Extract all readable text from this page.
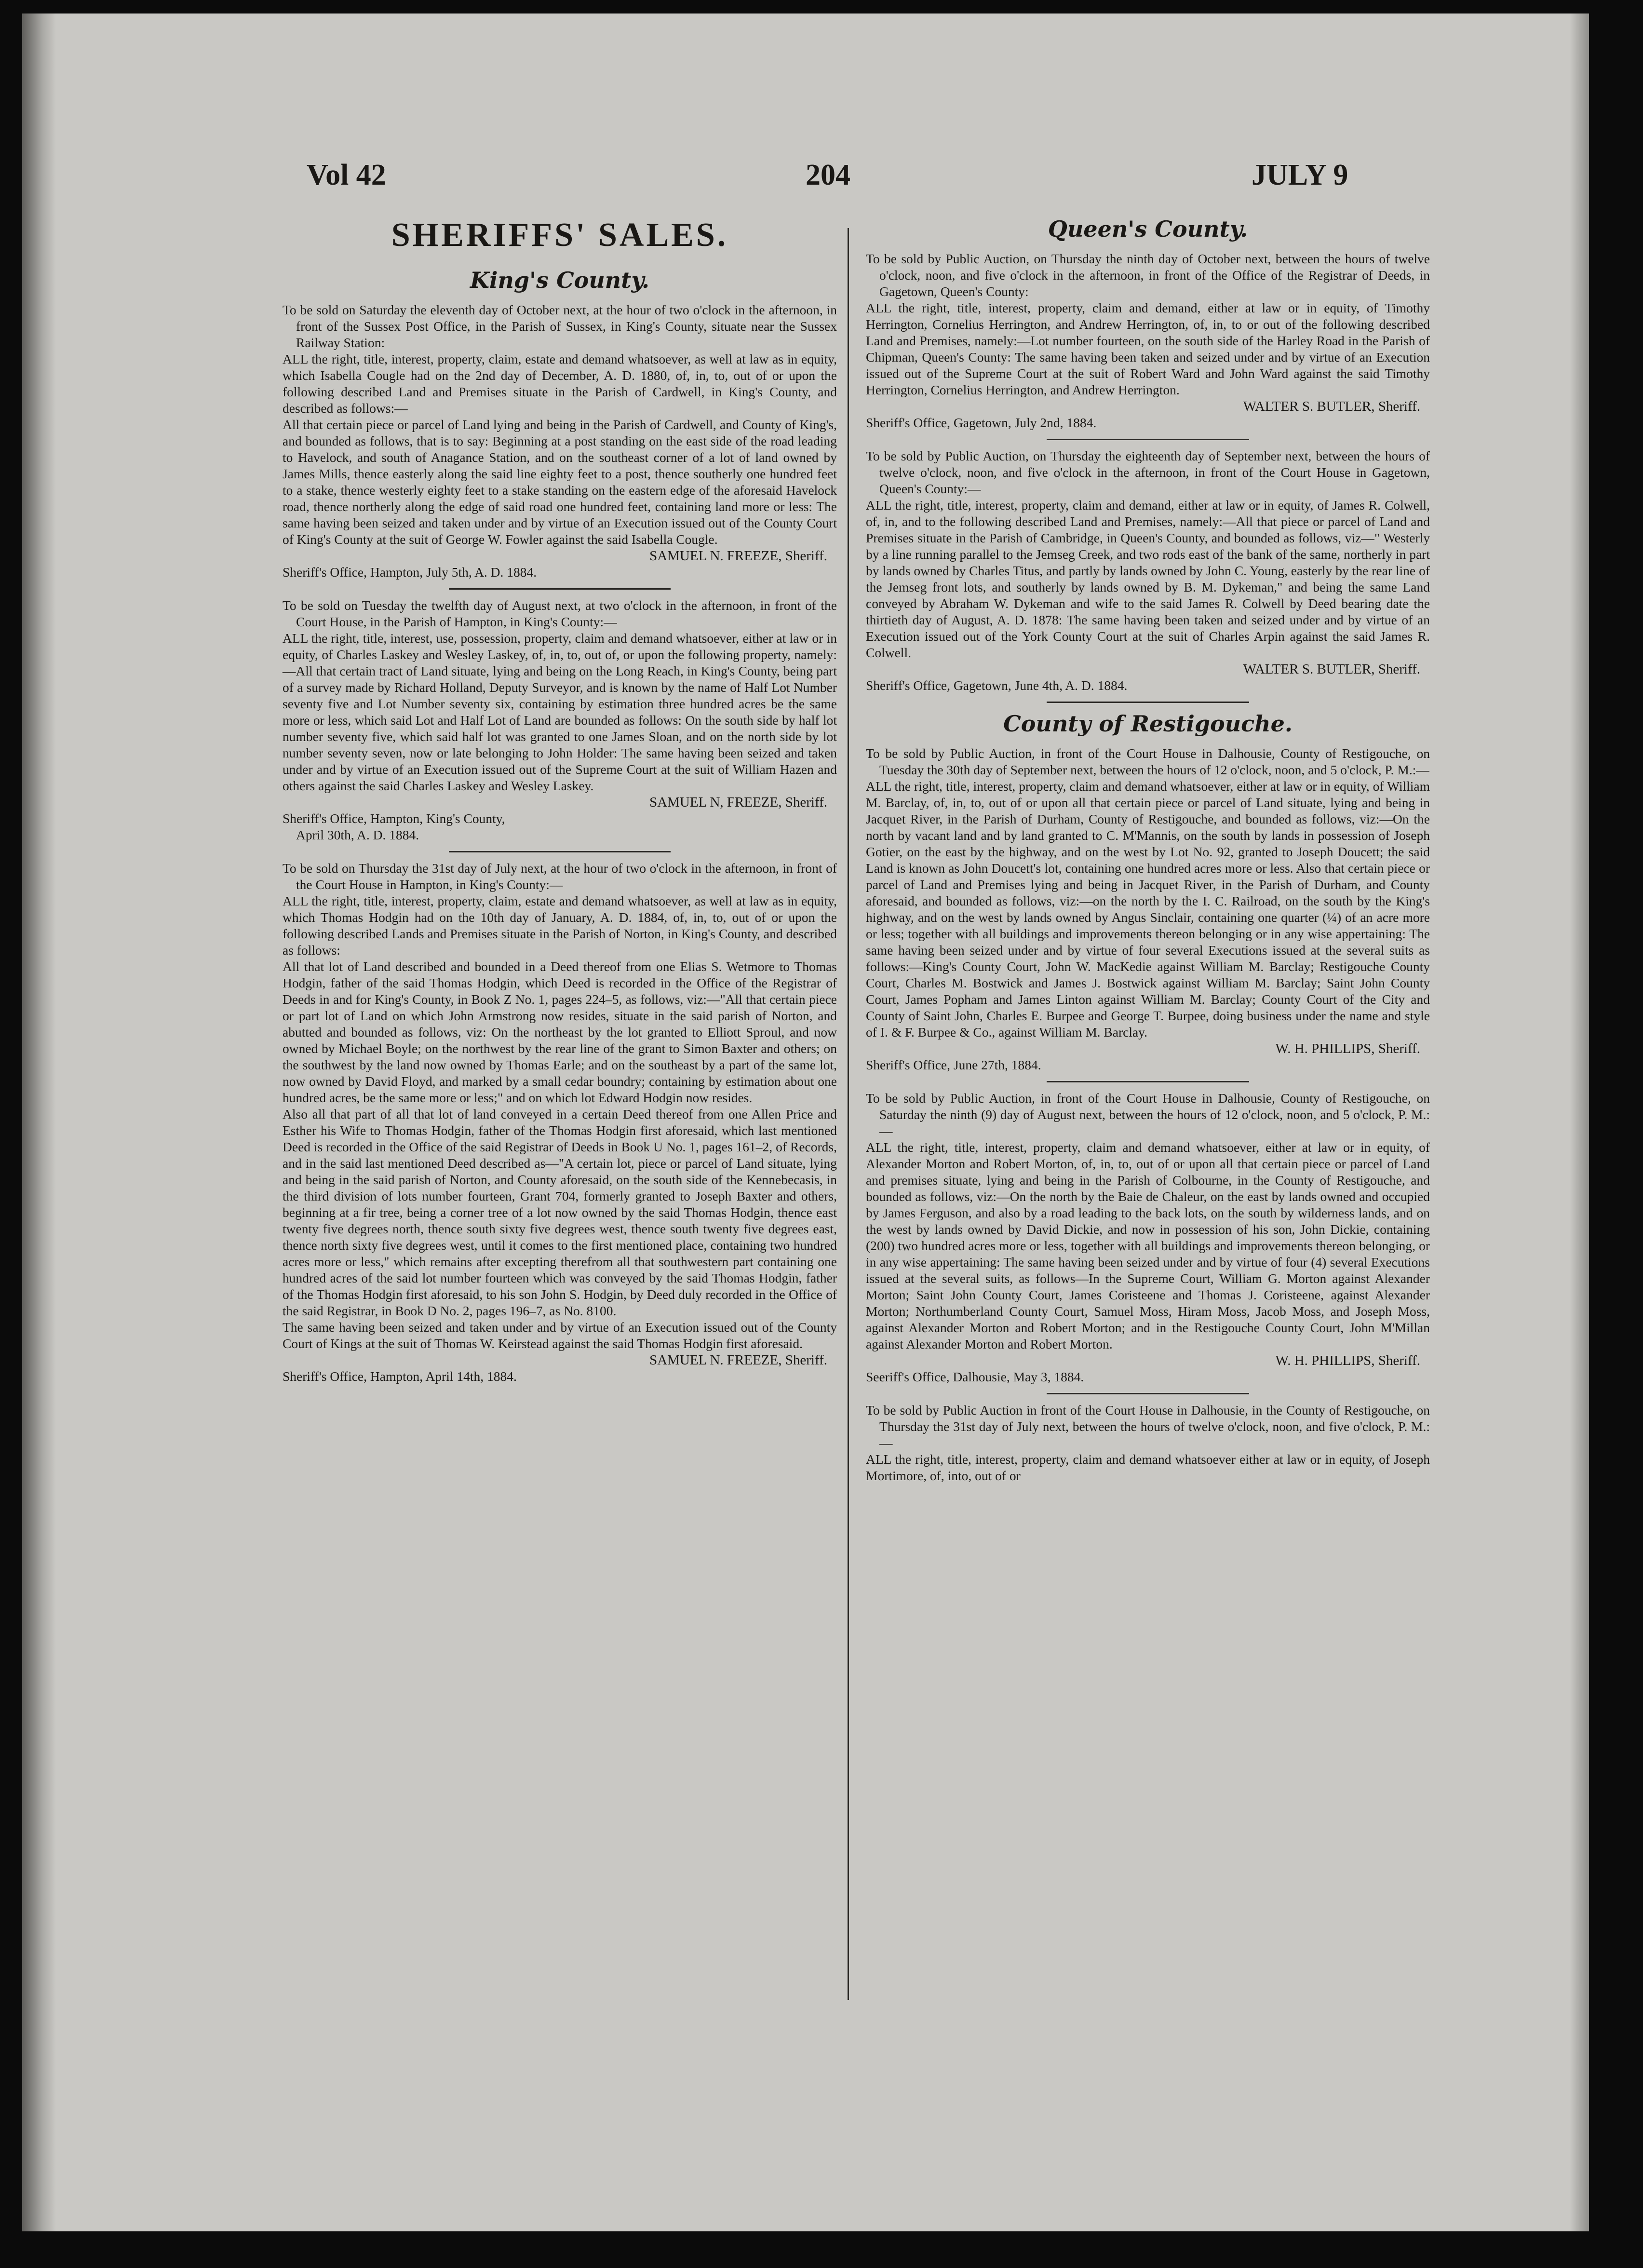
Vol 42	204	JULY 9
SHERIFFS' SALES.
King's County.

To be sold on Saturday the eleventh day of October next, at the hour of two o'clock in the afternoon, in front of the Sussex Post Office, in the Parish of Sussex, in King's County, situate near the Sussex Railway Station:

ALL the right, title, interest, property, claim, estate and demand whatsoever, as well at law as in equity, which Isabella Cougle had on the 2nd day of December, A. D. 1880, of, in, to, out of or upon the following described Land and Premises situate in the Parish of Cardwell, in King's County, and described as follows:—

All that certain piece or parcel of Land lying and being in the Parish of Cardwell, and County of King's, and bounded as follows, that is to say: Beginning at a post standing on the east side of the road leading to Havelock, and south of Anagance Station, and on the southeast corner of a lot of land owned by James Mills, thence easterly along the said line eighty feet to a post, thence southerly one hundred feet to a stake, thence westerly eighty feet to a stake standing on the eastern edge of the aforesaid Havelock road, thence northerly along the edge of said road one hundred feet, containing land more or less: The same having been seized and taken under and by virtue of an Execution issued out of the County Court of King's County at the suit of George W. Fowler against the said Isabella Cougle.

SAMUEL N. FREEZE, Sheriff.

Sheriff's Office, Hampton, July 5th, A. D. 1884.

To be sold on Tuesday the twelfth day of August next, at two o'clock in the afternoon, in front of the Court House, in the Parish of Hampton, in King's County:—

ALL the right, title, interest, use, possession, property, claim and demand whatsoever, either at law or in equity, of Charles Laskey and Wesley Laskey, of, in, to, out of, or upon the following property, namely:—All that certain tract of Land situate, lying and being on the Long Reach, in King's County, being part of a survey made by Richard Holland, Deputy Surveyor, and is known by the name of Half Lot Number seventy five and Lot Number seventy six, containing by estimation three hundred acres be the same more or less, which said Lot and Half Lot of Land are bounded as follows: On the south side by half lot number seventy five, which said half lot was granted to one James Sloan, and on the north side by lot number seventy seven, now or late belonging to John Holder: The same having been seized and taken under and by virtue of an Execution issued out of the Supreme Court at the suit of William Hazen and others against the said Charles Laskey and Wesley Laskey.

SAMUEL N, FREEZE, Sheriff.

Sheriff's Office, Hampton, King's County,

April 30th, A. D. 1884.

To be sold on Thursday the 31st day of July next, at the hour of two o'clock in the afternoon, in front of the Court House in Hampton, in King's County:—

ALL the right, title, interest, property, claim, estate and demand whatsoever, as well at law as in equity, which Thomas Hodgin had on the 10th day of January, A. D. 1884, of, in, to, out of or upon the following described Lands and Premises situate in the Parish of Norton, in King's County, and described as follows:

All that lot of Land described and bounded in a Deed thereof from one Elias S. Wetmore to Thomas Hodgin, father of the said Thomas Hodgin, which Deed is recorded in the Office of the Registrar of Deeds in and for King's County, in Book Z No. 1, pages 224–5, as follows, viz:—"All that certain piece or part lot of Land on which John Armstrong now resides, situate in the said parish of Norton, and abutted and bounded as follows, viz: On the northeast by the lot granted to Elliott Sproul, and now owned by Michael Boyle; on the northwest by the rear line of the grant to Simon Baxter and others; on the southwest by the land now owned by Thomas Earle; and on the southeast by a part of the same lot, now owned by David Floyd, and marked by a small cedar boundry; containing by estimation about one hundred acres, be the same more or less;" and on which lot Edward Hodgin now resides.

Also all that part of all that lot of land conveyed in a certain Deed thereof from one Allen Price and Esther his Wife to Thomas Hodgin, father of the Thomas Hodgin first aforesaid, which last mentioned Deed is recorded in the Office of the said Registrar of Deeds in Book U No. 1, pages 161–2, of Records, and in the said last mentioned Deed described as—"A certain lot, piece or parcel of Land situate, lying and being in the said parish of Norton, and County aforesaid, on the south side of the Kennebecasis, in the third division of lots number fourteen, Grant 704, formerly granted to Joseph Baxter and others, beginning at a fir tree, being a corner tree of a lot now owned by the said Thomas Hodgin, thence east twenty five degrees north, thence south sixty five degrees west, thence south twenty five degrees east, thence north sixty five degrees west, until it comes to the first mentioned place, containing two hundred acres more or less," which remains after excepting therefrom all that southwestern part containing one hundred acres of the said lot number fourteen which was conveyed by the said Thomas Hodgin, father of the Thomas Hodgin first aforesaid, to his son John S. Hodgin, by Deed duly recorded in the Office of the said Registrar, in Book D No. 2, pages 196–7, as No. 8100.

The same having been seized and taken under and by virtue of an Execution issued out of the County Court of Kings at the suit of Thomas W. Keirstead against the said Thomas Hodgin first aforesaid.

SAMUEL N. FREEZE, Sheriff.

Sheriff's Office, Hampton, April 14th, 1884.

Queen's County.

To be sold by Public Auction, on Thursday the ninth day of October next, between the hours of twelve o'clock, noon, and five o'clock in the afternoon, in front of the Office of the Registrar of Deeds, in Gagetown, Queen's County:

ALL the right, title, interest, property, claim and demand, either at law or in equity, of Timothy Herrington, Cornelius Herrington, and Andrew Herrington, of, in, to or out of the following described Land and Premises, namely:—Lot number fourteen, on the south side of the Harley Road in the Parish of Chipman, Queen's County: The same having been taken and seized under and by virtue of an Execution issued out of the Supreme Court at the suit of Robert Ward and John Ward against the said Timothy Herrington, Cornelius Herrington, and Andrew Herrington.

WALTER S. BUTLER, Sheriff.

Sheriff's Office, Gagetown, July 2nd, 1884.

To be sold by Public Auction, on Thursday the eighteenth day of September next, between the hours of twelve o'clock, noon, and five o'clock in the afternoon, in front of the Court House in Gagetown, Queen's County:—

ALL the right, title, interest, property, claim and demand, either at law or in equity, of James R. Colwell, of, in, and to the following described Land and Premises, namely:—All that piece or parcel of Land and Premises situate in the Parish of Cambridge, in Queen's County, and bounded as follows, viz—" Westerly by a line running parallel to the Jemseg Creek, and two rods east of the bank of the same, northerly in part by lands owned by Charles Titus, and partly by lands owned by John C. Young, easterly by the rear line of the Jemseg front lots, and southerly by lands owned by B. M. Dykeman," and being the same Land conveyed by Abraham W. Dykeman and wife to the said James R. Colwell by Deed bearing date the thirtieth day of August, A. D. 1878: The same having been taken and seized under and by virtue of an Execution issued out of the York County Court at the suit of Charles Arpin against the said James R. Colwell.

WALTER S. BUTLER, Sheriff.

Sheriff's Office, Gagetown, June 4th, A. D. 1884.

County of Restigouche.

To be sold by Public Auction, in front of the Court House in Dalhousie, County of Restigouche, on Tuesday the 30th day of September next, between the hours of 12 o'clock, noon, and 5 o'clock, P. M.:—

ALL the right, title, interest, property, claim and demand whatsoever, either at law or in equity, of William M. Barclay, of, in, to, out of or upon all that certain piece or parcel of Land situate, lying and being in Jacquet River, in the Parish of Durham, County of Restigouche, and bounded as follows, viz:—On the north by vacant land and by land granted to C. M'Mannis, on the south by lands in possession of Joseph Gotier, on the east by the highway, and on the west by Lot No. 92, granted to Joseph Doucett; the said Land is known as John Doucett's lot, containing one hundred acres more or less. Also that certain piece or parcel of Land and Premises lying and being in Jacquet River, in the Parish of Durham, and County aforesaid, and bounded as follows, viz:—on the north by the I. C. Railroad, on the south by the King's highway, and on the west by lands owned by Angus Sinclair, containing one quarter (¼) of an acre more or less; together with all buildings and improvements thereon belonging or in any wise appertaining: The same having been seized under and by virtue of four several Executions issued at the several suits as follows:—King's County Court, John W. MacKedie against William M. Barclay; Restigouche County Court, Charles M. Bostwick and James J. Bostwick against William M. Barclay; Saint John County Court, James Popham and James Linton against William M. Barclay; County Court of the City and County of Saint John, Charles E. Burpee and George T. Burpee, doing business under the name and style of I. & F. Burpee & Co., against William M. Barclay.

W. H. PHILLIPS, Sheriff.

Sheriff's Office, June 27th, 1884.

To be sold by Public Auction, in front of the Court House in Dalhousie, County of Restigouche, on Saturday the ninth (9) day of August next, between the hours of 12 o'clock, noon, and 5 o'clock, P. M.:—

ALL the right, title, interest, property, claim and demand whatsoever, either at law or in equity, of Alexander Morton and Robert Morton, of, in, to, out of or upon all that certain piece or parcel of Land and premises situate, lying and being in the Parish of Colbourne, in the County of Restigouche, and bounded as follows, viz:—On the north by the Baie de Chaleur, on the east by lands owned and occupied by James Ferguson, and also by a road leading to the back lots, on the south by wilderness lands, and on the west by lands owned by David Dickie, and now in possession of his son, John Dickie, containing (200) two hundred acres more or less, together with all buildings and improvements thereon belonging, or in any wise appertaining: The same having been seized under and by virtue of four (4) several Executions issued at the several suits, as follows—In the Supreme Court, William G. Morton against Alexander Morton; Saint John County Court, James Coristeene and Thomas J. Coristeene, against Alexander Morton; Northumberland County Court, Samuel Moss, Hiram Moss, Jacob Moss, and Joseph Moss, against Alexander Morton and Robert Morton; and in the Restigouche County Court, John M'Millan against Alexander Morton and Robert Morton.

W. H. PHILLIPS, Sheriff.

Seeriff's Office, Dalhousie, May 3, 1884.

To be sold by Public Auction in front of the Court House in Dalhousie, in the County of Restigouche, on Thursday the 31st day of July next, between the hours of twelve o'clock, noon, and five o'clock, P. M.:—

ALL the right, title, interest, property, claim and demand whatsoever either at law or in equity, of Joseph Mortimore, of, into, out of or
